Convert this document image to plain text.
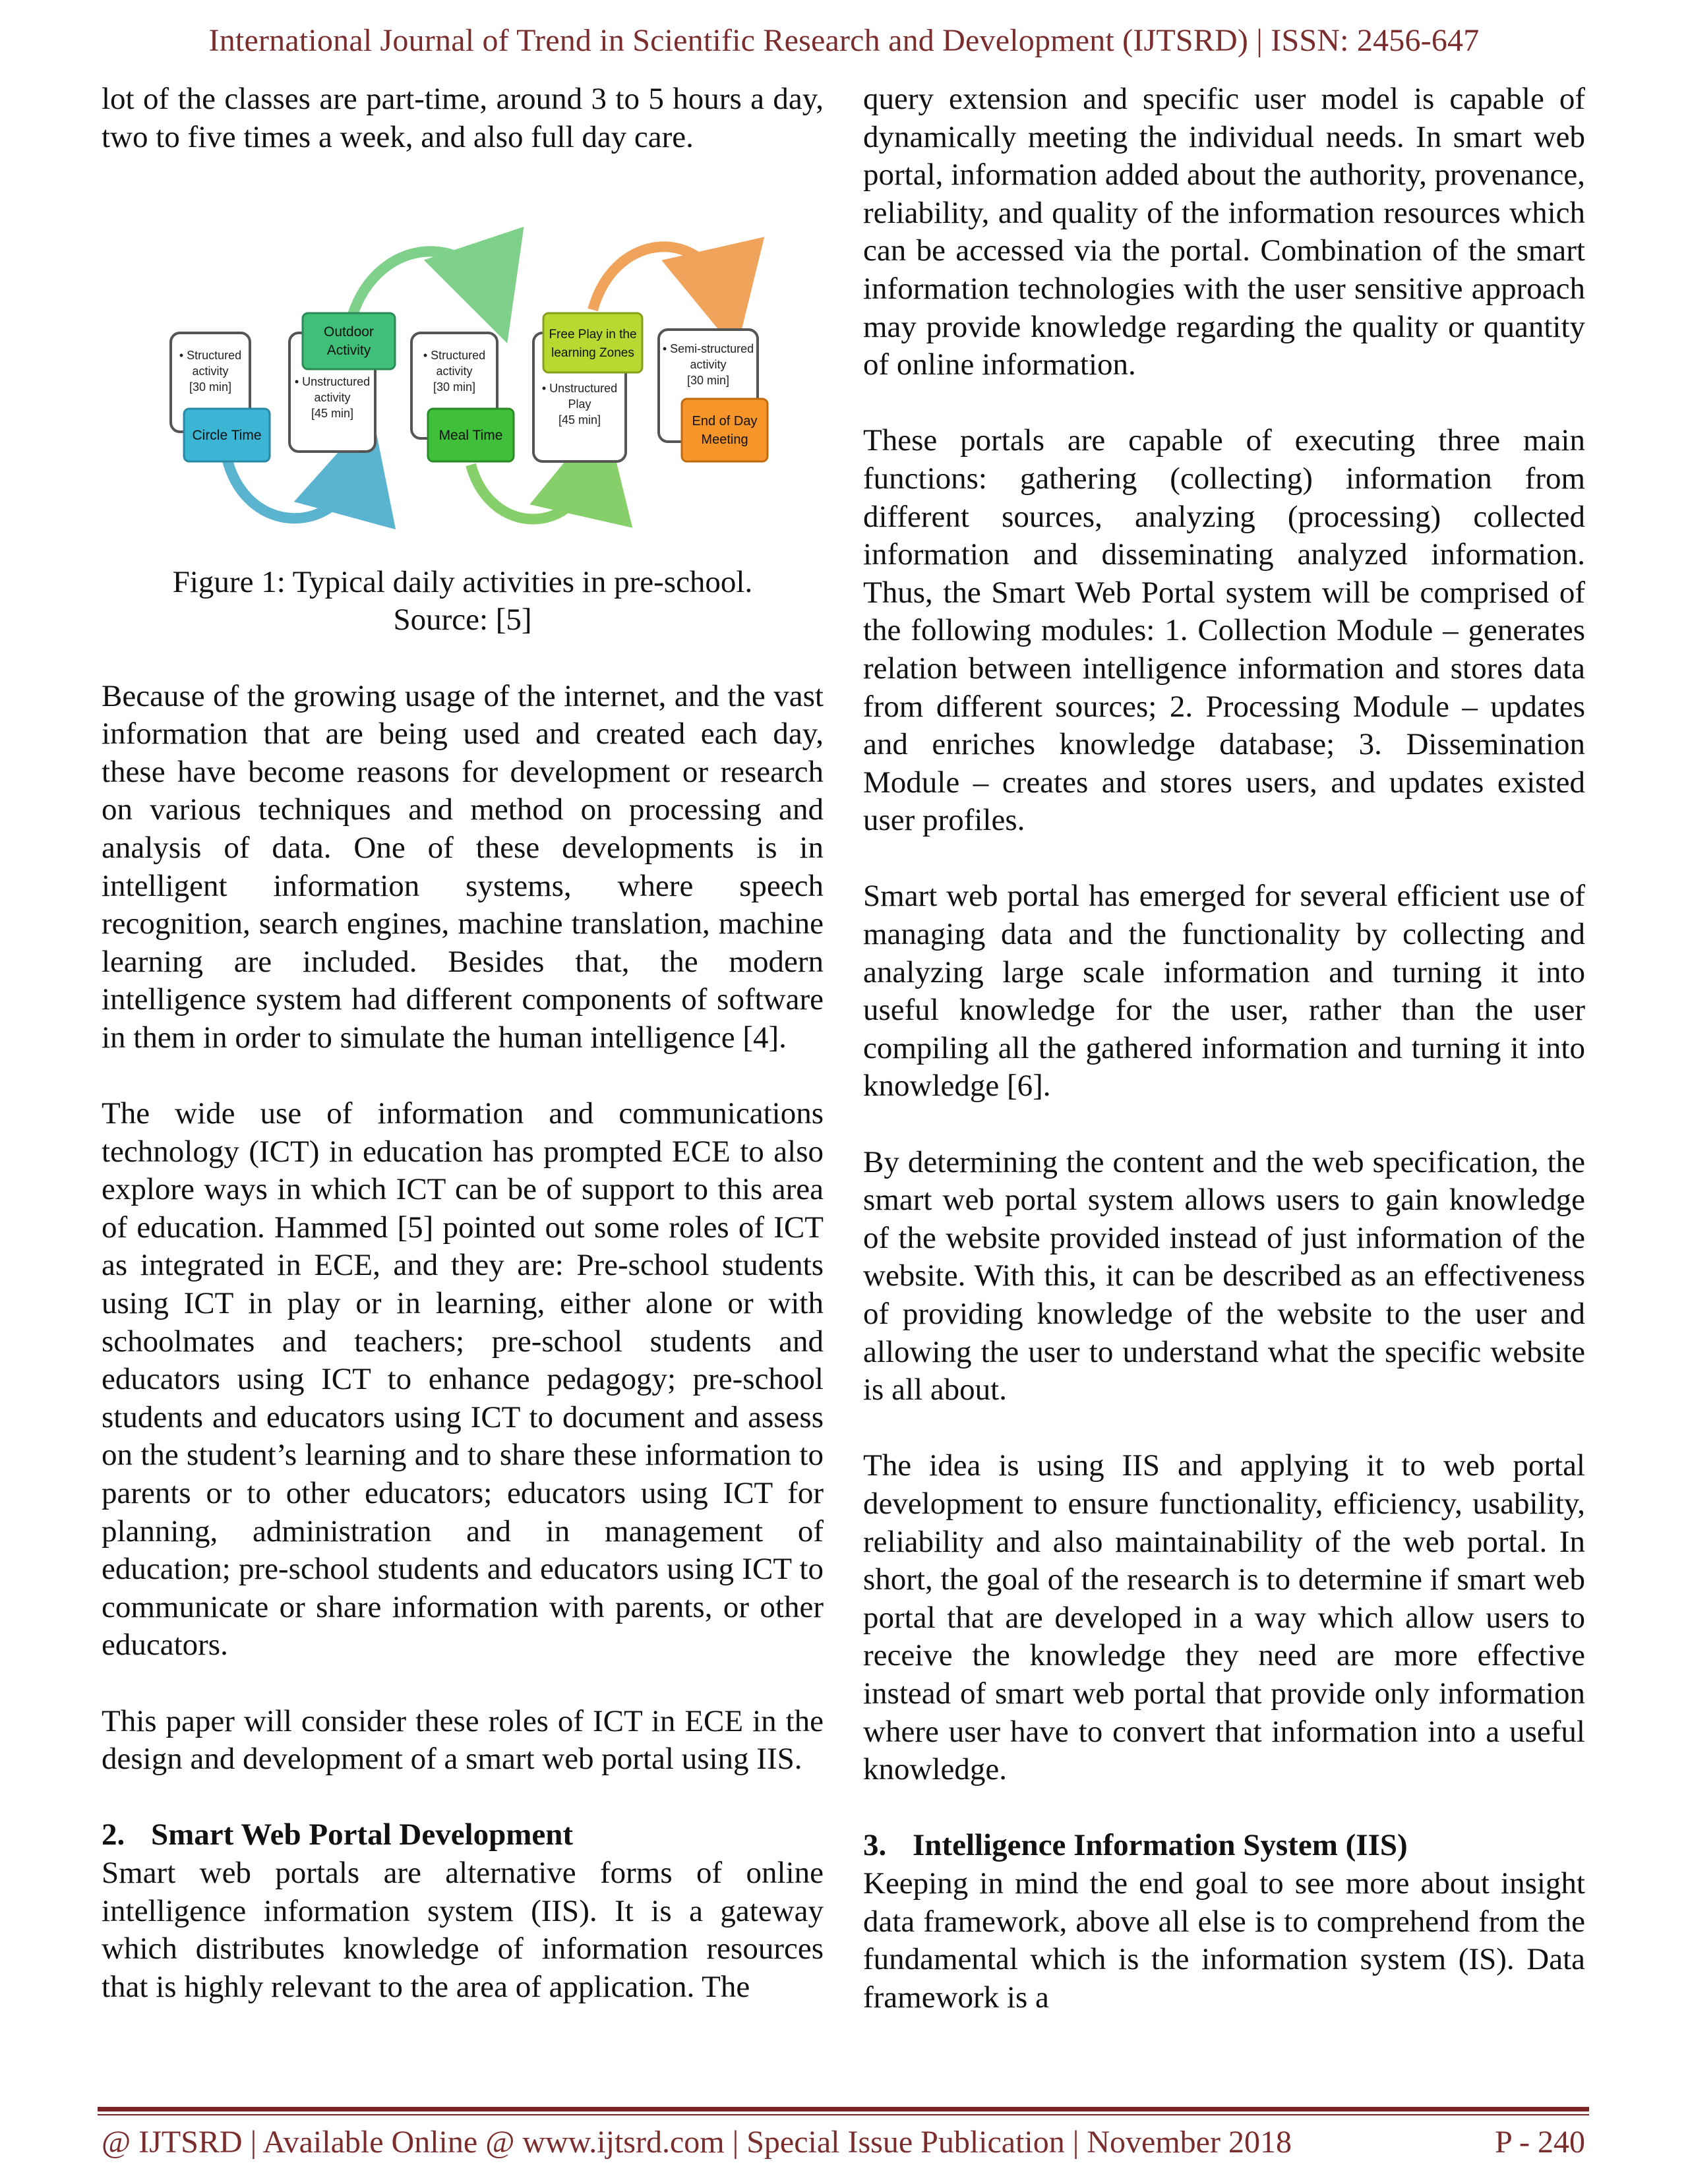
International Journal of Trend in Scientific Research and Development (IJTSRD) | ISSN: 2456-647

lot of the classes are part-time, around 3 to 5 hours a day, two to five times a week, and also full day care.

• Structured
activity
[30 min]
Circle Time
• Unstructured
activity
[45 min]
Outdoor
Activity	• Structured
activity
[30 min]
Meal Time
• Unstructured
Play
[45 min]
Free Play in the
learning Zones • Semi-structured
activity
[30 min]
End of Day
Meeting
Figure 1: Typical daily activities in pre-school.
Source: [5]

Because of the growing usage of the internet, and the vast information that are being used and created each day, these have become reasons for development or research on various techniques and method on processing and analysis of data. One of these developments is in intelligent information systems, where speech recognition, search engines, machine translation, machine learning are included. Besides that, the modern intelligence system had different components of software in them in order to simulate the human intelligence [4].

The wide use of information and communications technology (ICT) in education has prompted ECE to also explore ways in which ICT can be of support to this area of education. Hammed [5] pointed out some roles of ICT as integrated in ECE, and they are: Pre-school students using ICT in play or in learning, either alone or with schoolmates and teachers; pre-school students and educators using ICT to enhance pedagogy; pre-school students and educators using ICT to document and assess on the student’s learning and to share these information to parents or to other educators; educators using ICT for planning, administration and in management of education; pre-school students and educators using ICT to communicate or share information with parents, or other educators.

This paper will consider these roles of ICT in ECE in the design and development of a smart web portal using IIS.

2. Smart Web Portal Development

Smart web portals are alternative forms of online intelligence information system (IIS). It is a gateway which distributes knowledge of information resources that is highly relevant to the area of application. The

query extension and specific user model is capable of dynamically meeting the individual needs. In smart web portal, information added about the authority, provenance, reliability, and quality of the information resources which can be accessed via the portal. Combination of the smart information technologies with the user sensitive approach may provide knowledge regarding the quality or quantity of online information.

These portals are capable of executing three main functions: gathering (collecting) information from different sources, analyzing (processing) collected information and disseminating analyzed information. Thus, the Smart Web Portal system will be comprised of the following modules: 1. Collection Module – generates relation between intelligence information and stores data from different sources; 2. Processing Module – updates and enriches knowledge database; 3. Dissemination Module – creates and stores users, and updates existed user profiles.

Smart web portal has emerged for several efficient use of managing data and the functionality by collecting and analyzing large scale information and turning it into useful knowledge for the user, rather than the user compiling all the gathered information and turning it into knowledge [6].

By determining the content and the web specification, the smart web portal system allows users to gain knowledge of the website provided instead of just information of the website. With this, it can be described as an effectiveness of providing knowledge of the website to the user and allowing the user to understand what the specific website is all about.

The idea is using IIS and applying it to web portal development to ensure functionality, efficiency, usability, reliability and also maintainability of the web portal. In short, the goal of the research is to determine if smart web portal that are developed in a way which allow users to receive the knowledge they need are more effective instead of smart web portal that provide only information where user have to convert that information into a useful knowledge.

3. Intelligence Information System (IIS)

Keeping in mind the end goal to see more about insight data framework, above all else is to comprehend from the fundamental which is the information system (IS). Data framework is a

@ IJTSRD | Available Online @ www.ijtsrd.com | Special Issue Publication | November 2018	P - 240
